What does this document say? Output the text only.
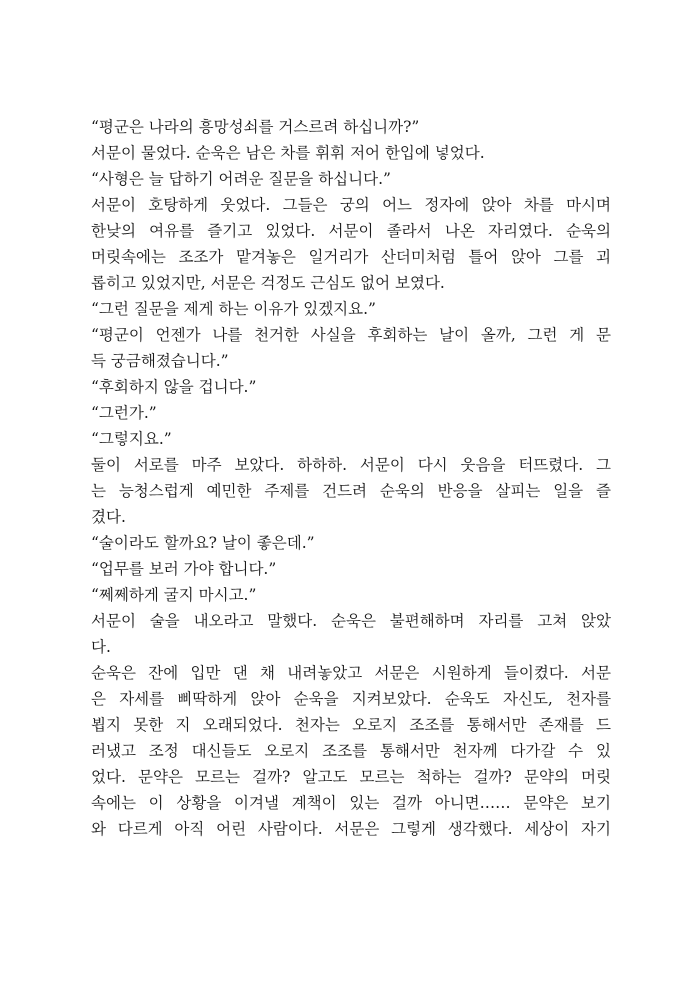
“평군은 나라의 흥망성쇠를 거스르려 하십니까?”
서문이 물었다. 순욱은 남은 차를 휘휘 저어 한입에 넣었다.
“사형은 늘 답하기 어려운 질문을 하십니다.”
서문이 호탕하게 웃었다. 그들은 궁의 어느 정자에 앉아 차를 마시며
한낮의 여유를 즐기고 있었다. 서문이 졸라서 나온 자리였다. 순욱의
머릿속에는 조조가 맡겨놓은 일거리가 산더미처럼 틀어 앉아 그를 괴
롭히고 있었지만, 서문은 걱정도 근심도 없어 보였다.
“그런 질문을 제게 하는 이유가 있겠지요.”
“평군이 언젠가 나를 천거한 사실을 후회하는 날이 올까, 그런 게 문
득 궁금해졌습니다.”
“후회하지 않을 겁니다.”
“그런가.”
“그렇지요.”
둘이 서로를 마주 보았다. 하하하. 서문이 다시 웃음을 터뜨렸다. 그
는 능청스럽게 예민한 주제를 건드려 순욱의 반응을 살피는 일을 즐
겼다.
“술이라도 할까요? 날이 좋은데.”
“업무를 보러 가야 합니다.”
“쩨쩨하게 굴지 마시고.”
서문이 술을 내오라고 말했다. 순욱은 불편해하며 자리를 고쳐 앉았
다.
순욱은 잔에 입만 댄 채 내려놓았고 서문은 시원하게 들이켰다. 서문
은 자세를 삐딱하게 앉아 순욱을 지켜보았다. 순욱도 자신도, 천자를
뵙지 못한 지 오래되었다. 천자는 오로지 조조를 통해서만 존재를 드
러냈고 조정 대신들도 오로지 조조를 통해서만 천자께 다가갈 수 있
었다. 문약은 모르는 걸까? 알고도 모르는 척하는 걸까? 문약의 머릿
속에는 이 상황을 이겨낼 계책이 있는 걸까 아니면…… 문약은 보기
와 다르게 아직 어린 사람이다. 서문은 그렇게 생각했다. 세상이 자기
